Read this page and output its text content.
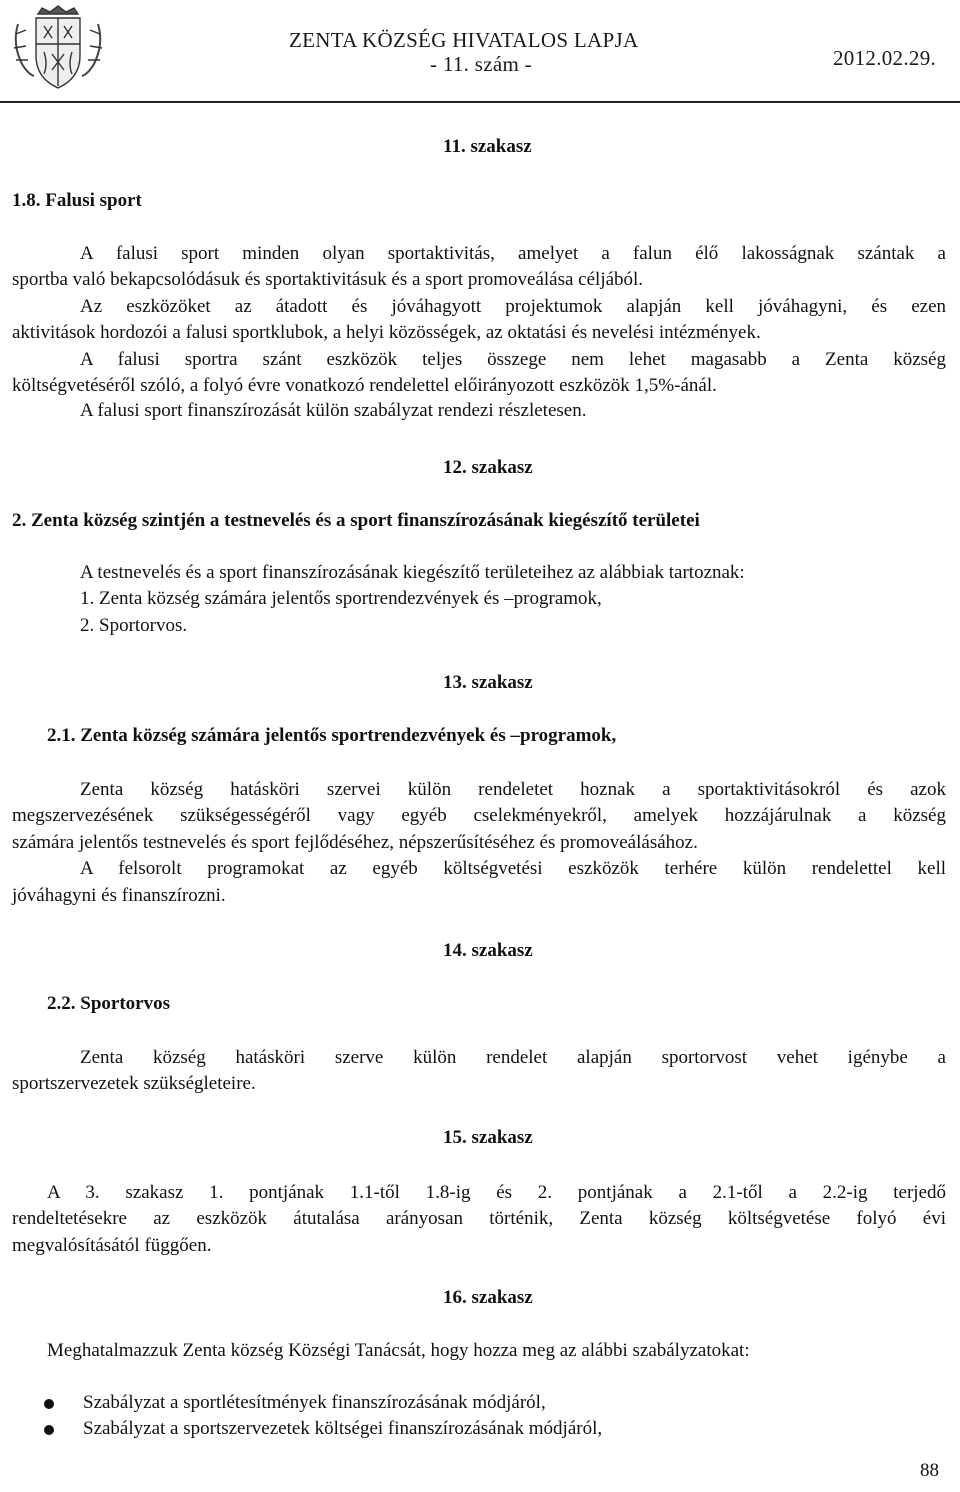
ZENTA KÖZSÉG HIVATALOS LAPJA
- 11. szám -	2012.02.29.
11. szakasz
1.8. Falusi sport
A falusi sport minden olyan sportaktivitás, amelyet a falun élő lakosságnak szántak a
sportba való bekapcsolódásuk és sportaktivitásuk és a sport promoveálása céljából.
Az eszközöket az átadott és jóváhagyott projektumok alapján kell jóváhagyni, és ezen
aktivitások hordozói a falusi sportklubok, a helyi közösségek, az oktatási és nevelési intézmények.
A falusi sportra szánt eszközök teljes összege nem lehet magasabb a Zenta község
költségvetéséről szóló, a folyó évre vonatkozó rendelettel előirányozott eszközök 1,5%-ánál.
A falusi sport finanszírozását külön szabályzat rendezi részletesen.
12. szakasz
2. Zenta község szintjén a testnevelés és a sport finanszírozásának kiegészítő területei
A testnevelés és a sport finanszírozásának kiegészítő területeihez az alábbiak tartoznak:
1. Zenta község számára jelentős sportrendezvények és –programok,
2. Sportorvos.
13. szakasz
2.1. Zenta község számára jelentős sportrendezvények és –programok,
Zenta község hatásköri szervei külön rendeletet hoznak a sportaktivitásokról és azok
megszervezésének szükségességéről vagy egyéb cselekményekről, amelyek hozzájárulnak a község
számára jelentős testnevelés és sport fejlődéséhez, népszerűsítéséhez és promoveálásához.
A felsorolt programokat az egyéb költségvetési eszközök terhére külön rendelettel kell
jóváhagyni és finanszírozni.
14. szakasz
2.2. Sportorvos
Zenta község hatásköri szerve külön rendelet alapján sportorvost vehet igénybe a
sportszervezetek szükségleteire.
15. szakasz
A 3. szakasz 1. pontjának 1.1-től 1.8-ig és 2. pontjának a 2.1-től a 2.2-ig terjedő
rendeltetésekre az eszközök átutalása arányosan történik, Zenta község költségvetése folyó évi
megvalósításától függően.
16. szakasz
Meghatalmazzuk Zenta község Községi Tanácsát, hogy hozza meg az alábbi szabályzatokat:
Szabályzat a sportlétesítmények finanszírozásának módjáról,
Szabályzat a sportszervezetek költségei finanszírozásának módjáról,
88
